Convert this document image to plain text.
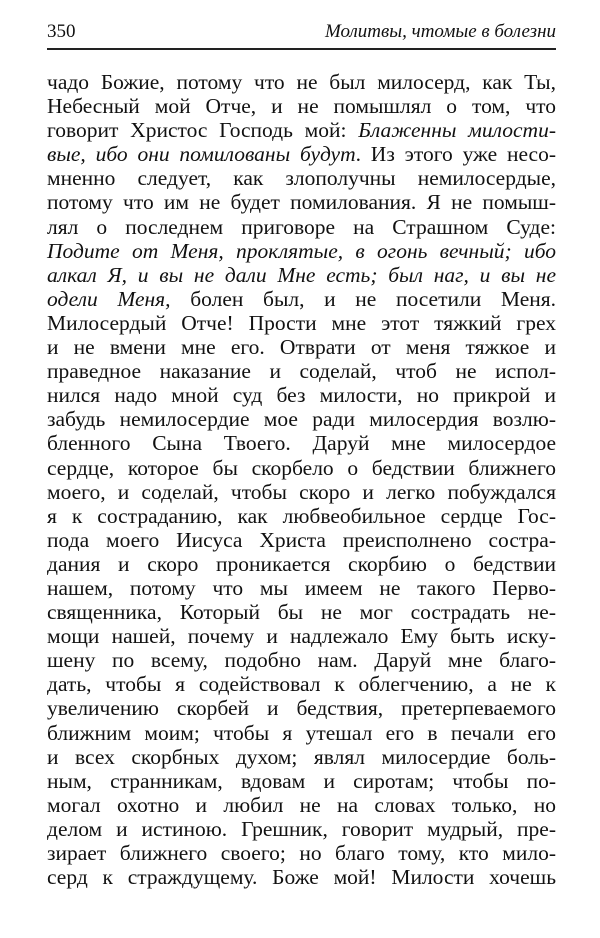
350	Молитвы, чтомые в болезни
чадо Божие, потому что не был милосерд, как Ты,
Небесный мой Отче, и не помышлял о том, что
говорит Христос Господь мой: Блаженны милости-
вые, ибо они помилованы будут. Из этого уже несо-
мненно следует, как злополучны немилосердые,
потому что им не будет помилования. Я не помыш-
лял о последнем приговоре на Страшном Суде:
Подите от Меня, проклятые, в огонь вечный; ибо
алкал Я, и вы не дали Мне есть; был наг, и вы не
одели Меня, болен был, и не посетили Меня.
Милосердый Отче! Прости мне этот тяжкий грех
и не вмени мне его. Отврати от меня тяжкое и
праведное наказание и соделай, чтоб не испол-
нился надо мной суд без милости, но прикрой и
забудь немилосердие мое ради милосердия возлю-
бленного Сына Твоего. Даруй мне милосердое
сердце, которое бы скорбело о бедствии ближнего
моего, и соделай, чтобы скоро и легко побуждался
я к состраданию, как любвеобильное сердце Гос-
пода моего Иисуса Христа преисполнено состра-
дания и скоро проникается скорбию о бедствии
нашем, потому что мы имеем не такого Перво-
священника, Который бы не мог сострадать не-
мощи нашей, почему и надлежало Ему быть иску-
шену по всему, подобно нам. Даруй мне благо-
дать, чтобы я содействовал к облегчению, а не к
увеличению скорбей и бедствия, претерпеваемого
ближним моим; чтобы я утешал его в печали его
и всех скорбных духом; являл милосердие боль-
ным, странникам, вдовам и сиротам; чтобы по-
могал охотно и любил не на словах только, но
делом и истиною. Грешник, говорит мудрый, пре-
зирает ближнего своего; но благо тому, кто мило-
серд к страждущему. Боже мой! Милости хочешь
